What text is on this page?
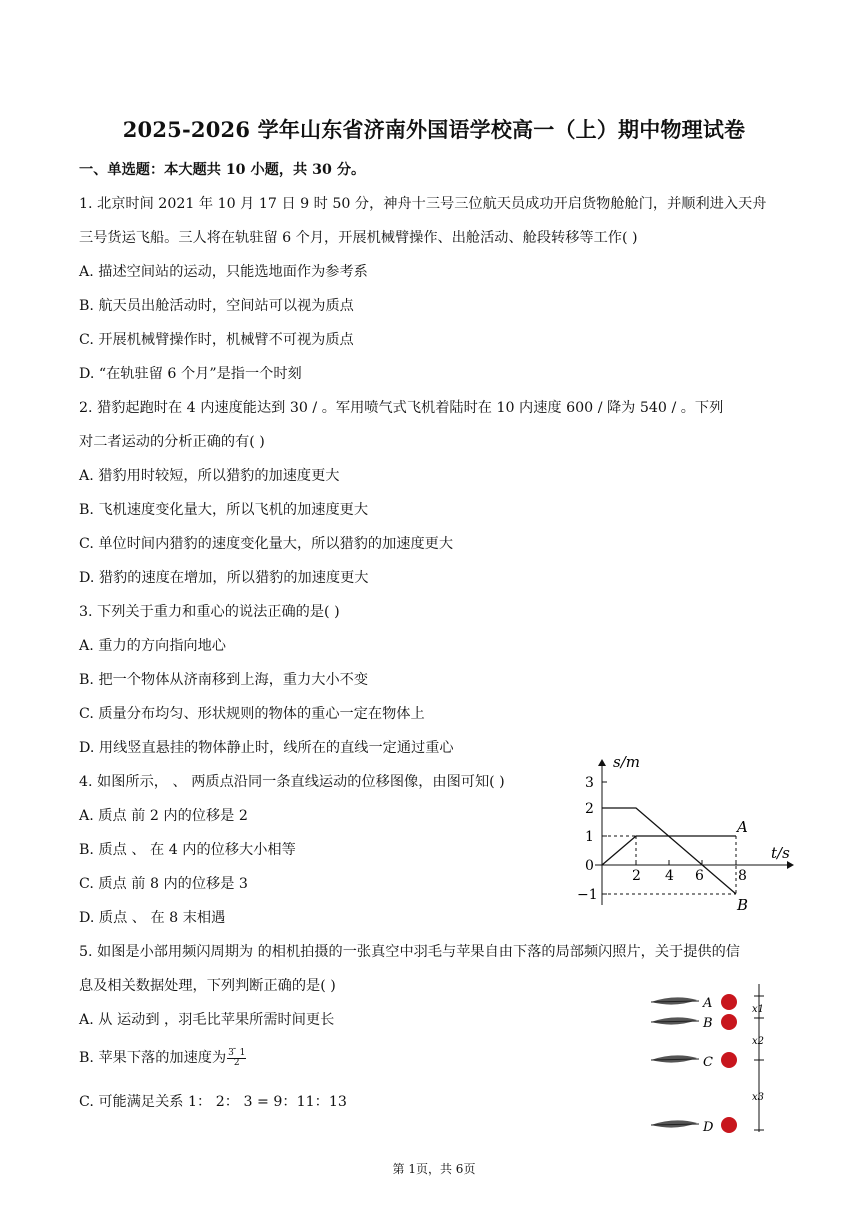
2025-2026 学年山东省济南外国语学校高一（上）期中物理试卷
一、单选题：本大题共 10 小题，共 30 分。
1. 北京时间 2021 年 10 月 17 日 9 时 50 分，神舟十三号三位航天员成功开启货物舱舱门，并顺利进入天舟
三号货运飞船。三人将在轨驻留 6 个月，开展机械臂操作、出舱活动、舱段转移等工作( )
A. 描述空间站的运动，只能选地面作为参考系
B. 航天员出舱活动时，空间站可以视为质点
C. 开展机械臂操作时，机械臂不可视为质点
D. “在轨驻留 6 个月”是指一个时刻
2. 猎豹起跑时在 4 内速度能达到 30 / 。军用喷气式飞机着陆时在 10 内速度 600 / 降为 540 / 。下列
对二者运动的分析正确的有( )
A. 猎豹用时较短，所以猎豹的加速度更大
B. 飞机速度变化量大，所以飞机的加速度更大
C. 单位时间内猎豹的速度变化量大，所以猎豹的加速度更大
D. 猎豹的速度在增加，所以猎豹的加速度更大
3. 下列关于重力和重心的说法正确的是( )
A. 重力的方向指向地心
B. 把一个物体从济南移到上海，重力大小不变
C. 质量分布均匀、形状规则的物体的重心一定在物体上
D. 用线竖直悬挂的物体静止时，线所在的直线一定通过重心
4. 如图所示， 、 两质点沿同一条直线运动的位移图像，由图可知( )
A. 质点 前 2 内的位移是 2
B. 质点 、 在 4 内的位移大小相等
C. 质点 前 8 内的位移是 3
D. 质点 、 在 8 末相遇
s/m
t/s
3
2
1
0
−1
2 4 6 8
A
B
5. 如图是小部用频闪周期为 的相机拍摄的一张真空中羽毛与苹果自由下落的局部频闪照片，关于提供的信
息及相关数据处理，下列判断正确的是( )
A. 从 运动到 ，羽毛比苹果所需时间更长
B. 苹果下落的加速度为 $\frac{3 ̄ 1}{2}$
C. 可能满足关系 1： 2： 3 = 9：11：13
A
B
C
D
x1
x2
x3
第 1页，共 6页
